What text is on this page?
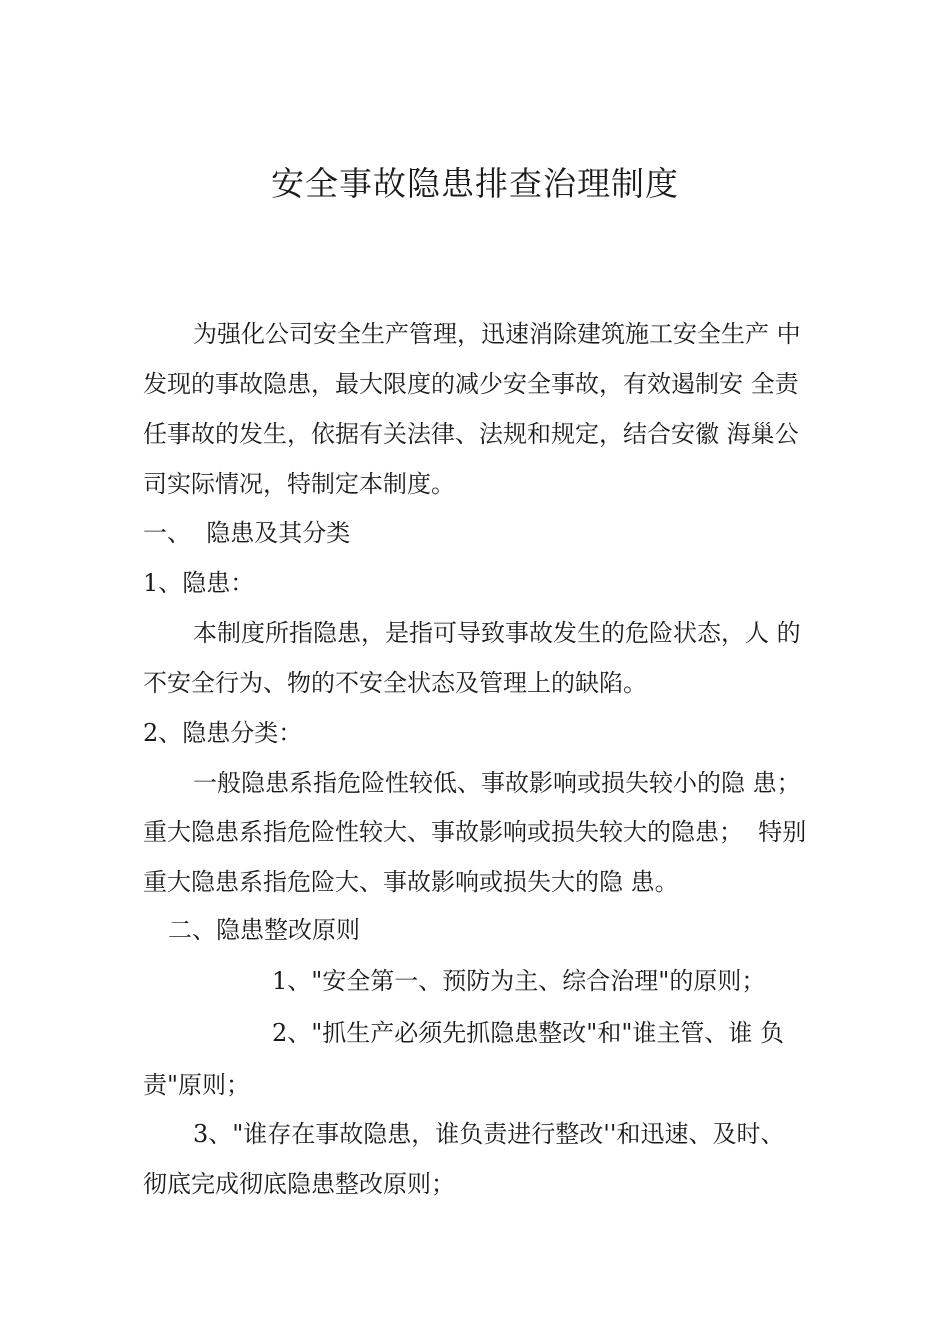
安全事故隐患排查治理制度
为强化公司安全生产管理，迅速消除建筑施工安全生产 中
发现的事故隐患，最大限度的减少安全事故，有效遏制安 全责
任事故的发生，依据有关法律、法规和规定，结合安徽 海巢公
司实际情况，特制定本制度。
一、  隐患及其分类
1、隐患：
本制度所指隐患，是指可导致事故发生的危险状态，人 的
不安全行为、物的不安全状态及管理上的缺陷。
2、隐患分类：
一般隐患系指危险性较低、事故影响或损失较小的隐 患；
重大隐患系指危险性较大、事故影响或损失较大的隐患；  特别
重大隐患系指危险大、事故影响或损失大的隐 患。
二、隐患整改原则
1、"安全第一、预防为主、综合治理"的原则；
2、"抓生产必须先抓隐患整改"和"谁主管、谁 负
责"原则；
3、"谁存在事故隐患，谁负责进行整改''和迅速、及时、
彻底完成彻底隐患整改原则；
